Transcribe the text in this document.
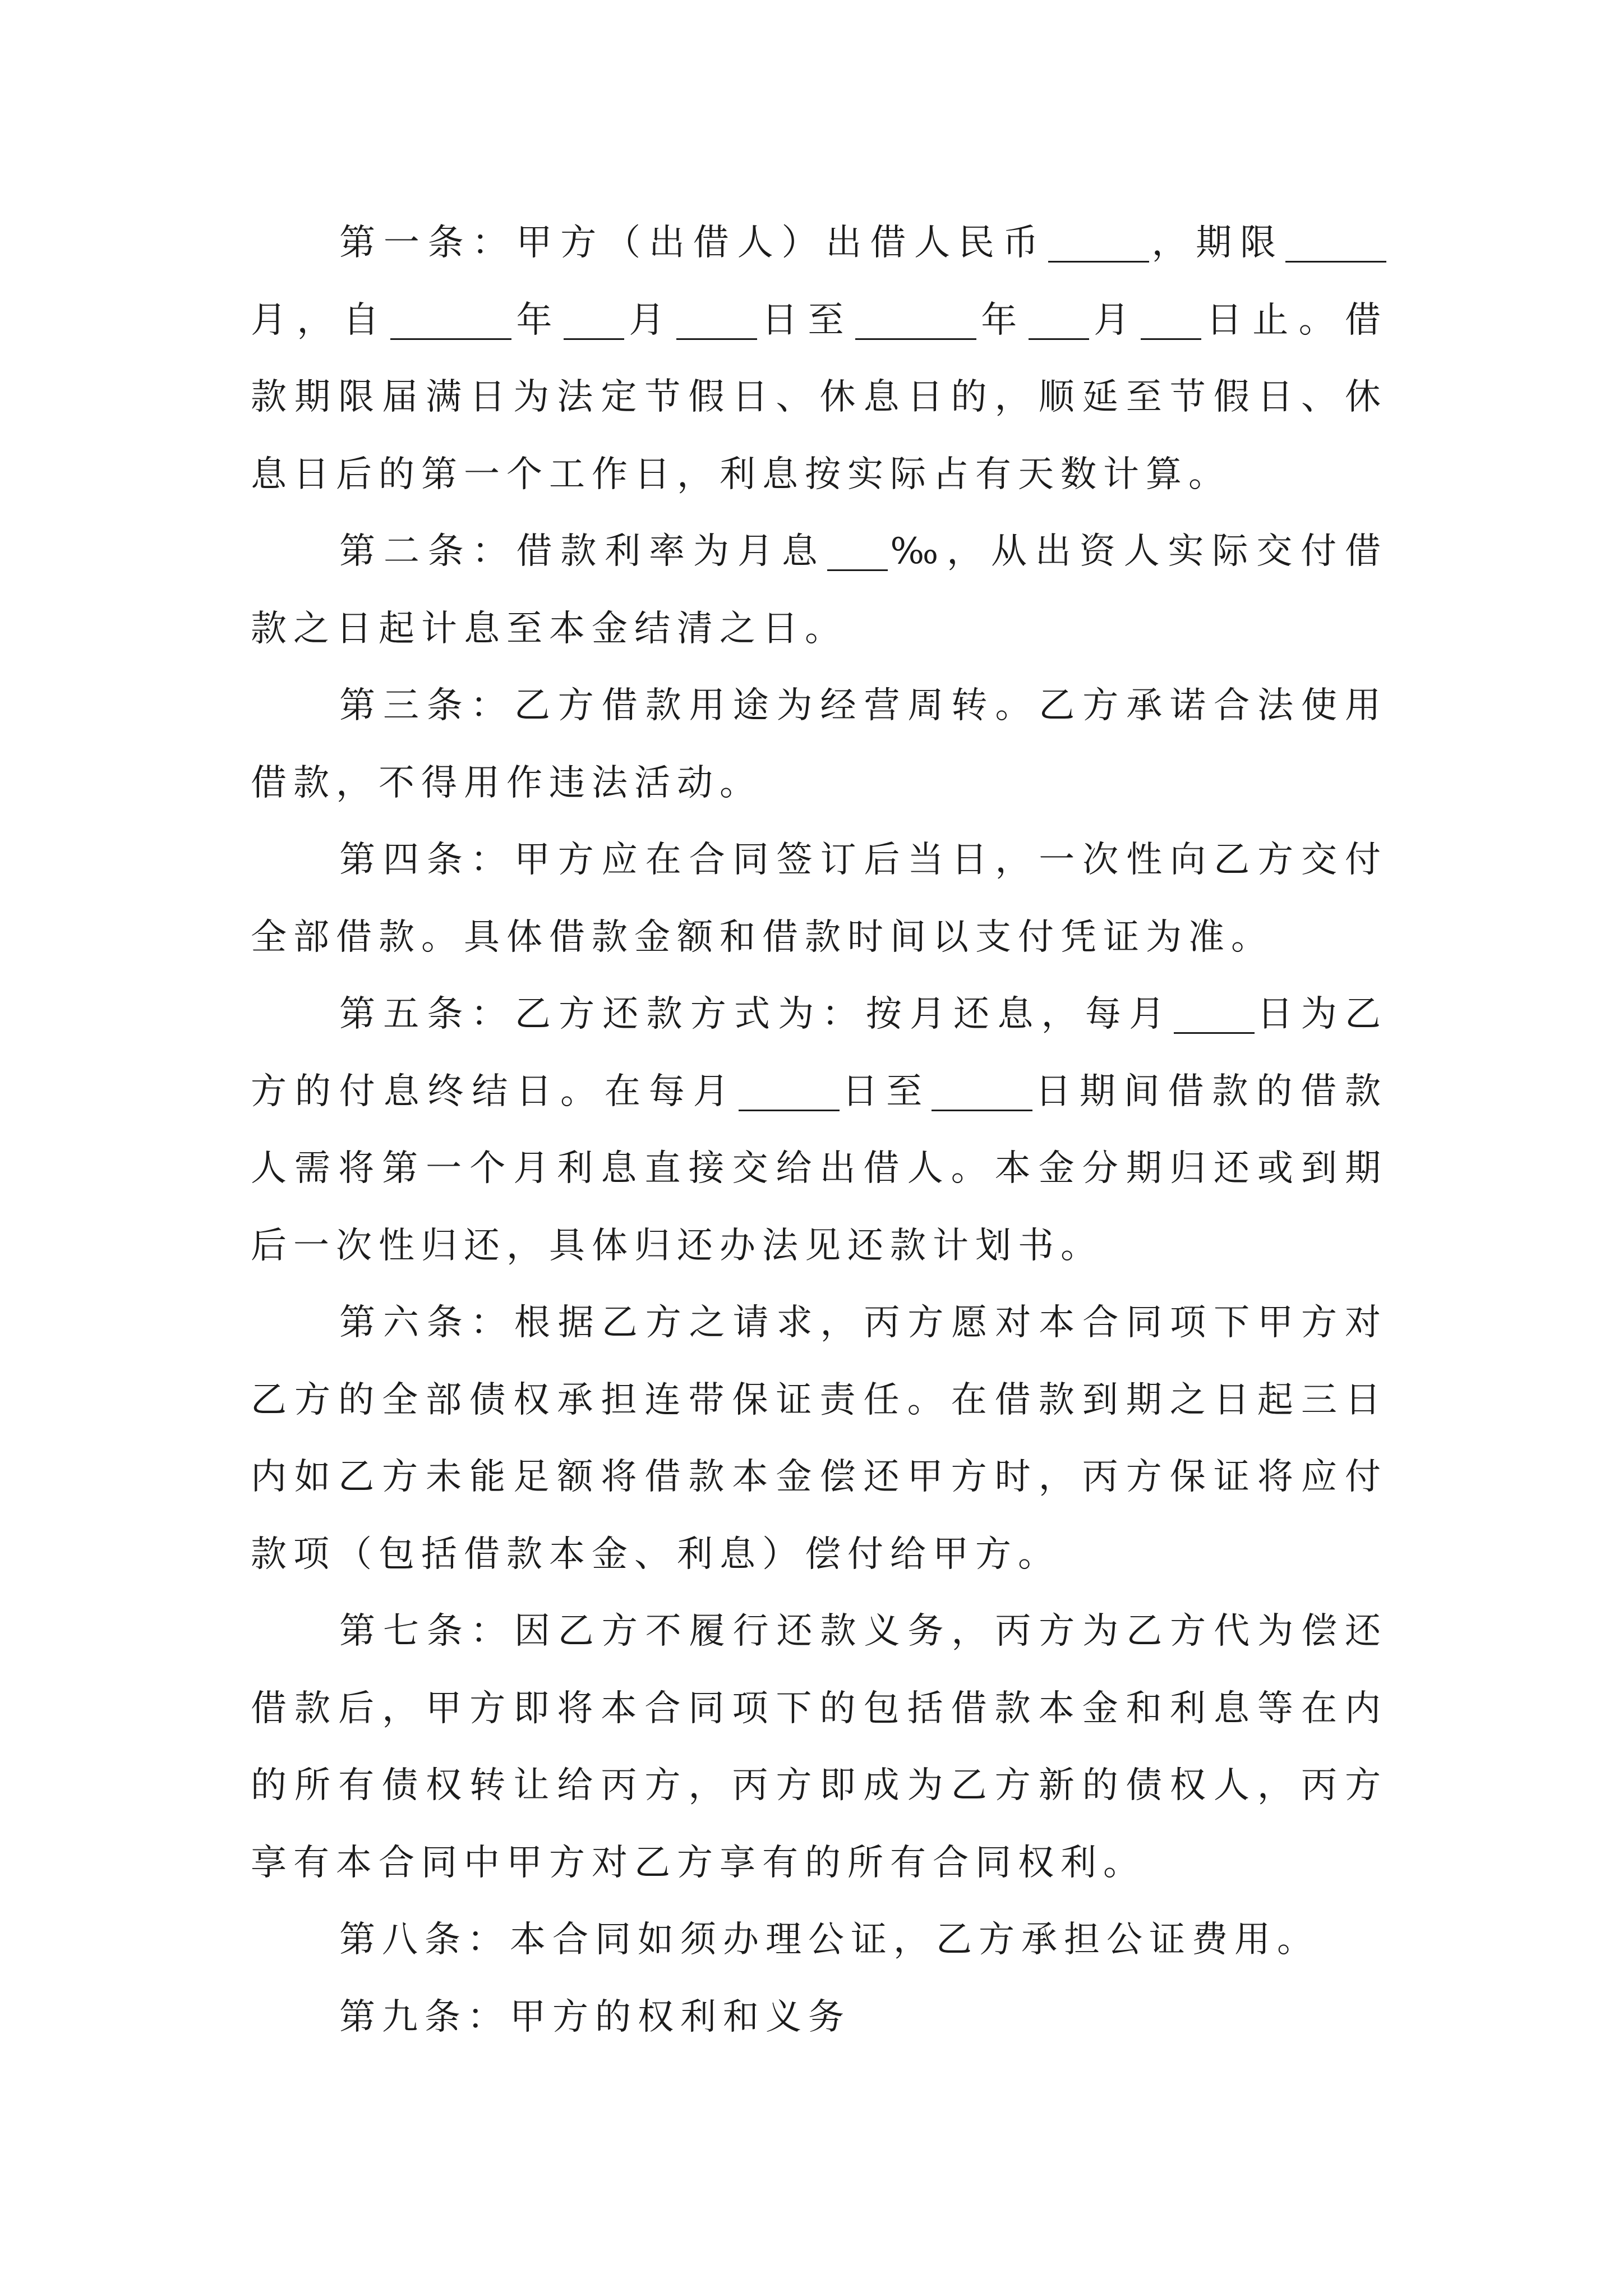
第一条：甲方（出借人）出借人民币	，期限
月，自	年 月 日至	年 月 日止。借
款期限届满日为法定节假日、休息日的，顺延至节假日、休
息日后的第一个工作日，利息按实际占有天数计算。
第二条：借款利率为月息 ‰，从出资人实际交付借
款之日起计息至本金结清之日。
第三条：乙方借款用途为经营周转。乙方承诺合法使用
借款，不得用作违法活动。
第四条：甲方应在合同签订后当日，一次性向乙方交付
全部借款。具体借款金额和借款时间以支付凭证为准。
第五条：乙方还款方式为：按月还息，每月 日为乙
方的付息终结日。在每月	日至	日期间借款的借款
人需将第一个月利息直接交给出借人。本金分期归还或到期
后一次性归还，具体归还办法见还款计划书。
第六条：根据乙方之请求，丙方愿对本合同项下甲方对
乙方的全部债权承担连带保证责任。在借款到期之日起三日
内如乙方未能足额将借款本金偿还甲方时，丙方保证将应付
款项（包括借款本金、利息）偿付给甲方。
第七条：因乙方不履行还款义务，丙方为乙方代为偿还
借款后，甲方即将本合同项下的包括借款本金和利息等在内
的所有债权转让给丙方，丙方即成为乙方新的债权人，丙方
享有本合同中甲方对乙方享有的所有合同权利。
第八条：本合同如须办理公证，乙方承担公证费用。
第九条：甲方的权利和义务
